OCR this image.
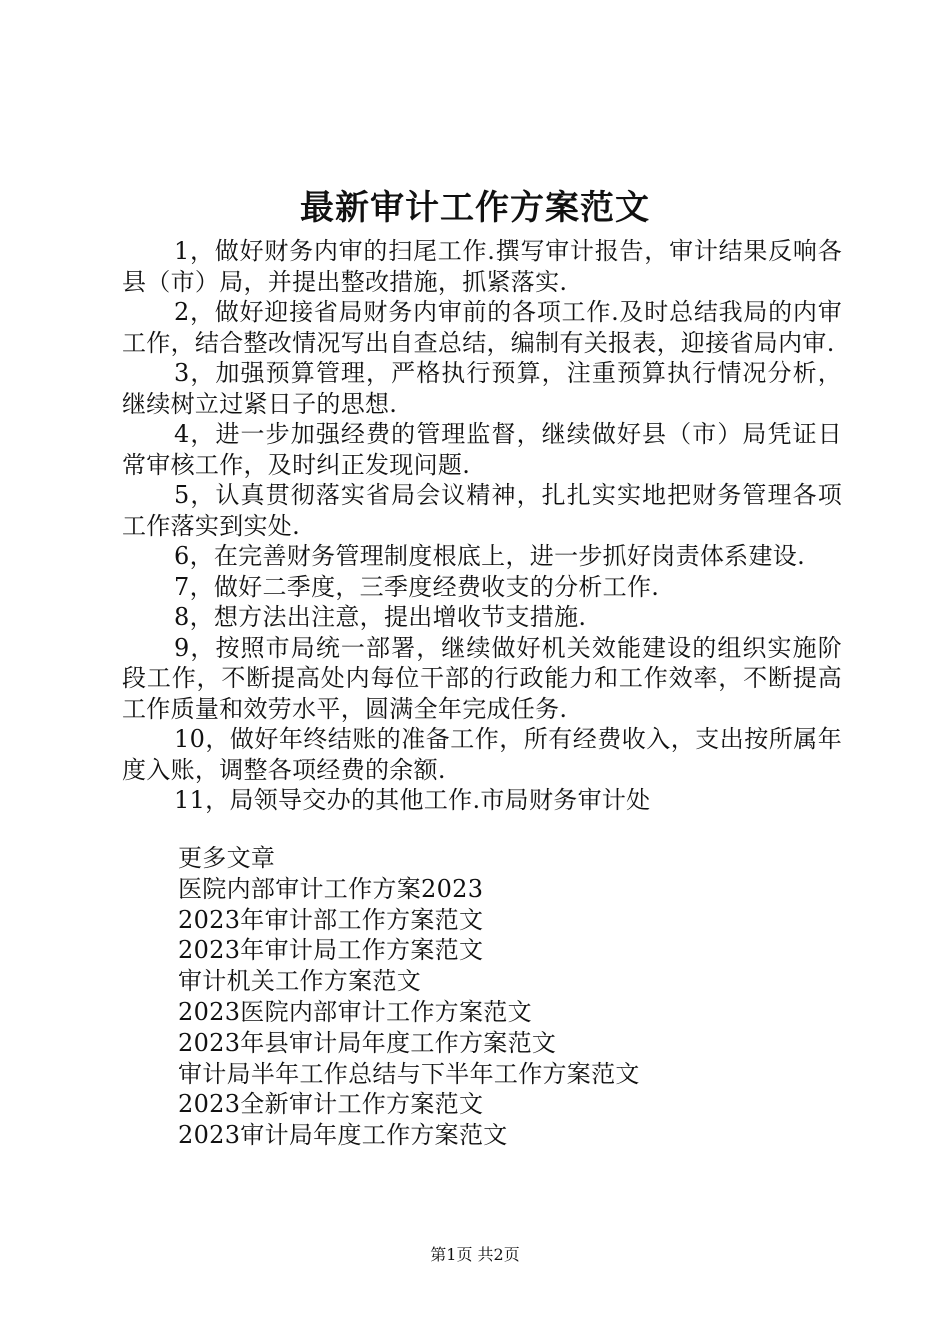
最新审计工作方案范文

1，做好财务内审的扫尾工作.撰写审计报告，审计结果反响各县（市）局，并提出整改措施，抓紧落实.

2，做好迎接省局财务内审前的各项工作.及时总结我局的内审工作，结合整改情况写出自查总结，编制有关报表，迎接省局内审.

3，加强预算管理，严格执行预算，注重预算执行情况分析，继续树立过紧日子的思想.

4，进一步加强经费的管理监督，继续做好县（市）局凭证日常审核工作，及时纠正发现问题.

5，认真贯彻落实省局会议精神，扎扎实实地把财务管理各项工作落实到实处.

6，在完善财务管理制度根底上，进一步抓好岗责体系建设.

7，做好二季度，三季度经费收支的分析工作.

8，想方法出注意，提出增收节支措施.

9，按照市局统一部署，继续做好机关效能建设的组织实施阶段工作，不断提高处内每位干部的行政能力和工作效率，不断提高工作质量和效劳水平，圆满全年完成任务.

10，做好年终结账的准备工作，所有经费收入，支出按所属年度入账，调整各项经费的余额.

11，局领导交办的其他工作.市局财务审计处

更多文章
医院内部审计工作方案2023
2023年审计部工作方案范文
2023年审计局工作方案范文
审计机关工作方案范文
2023医院内部审计工作方案范文
2023年县审计局年度工作方案范文
审计局半年工作总结与下半年工作方案范文
2023全新审计工作方案范文
2023审计局年度工作方案范文
第1页 共2页
